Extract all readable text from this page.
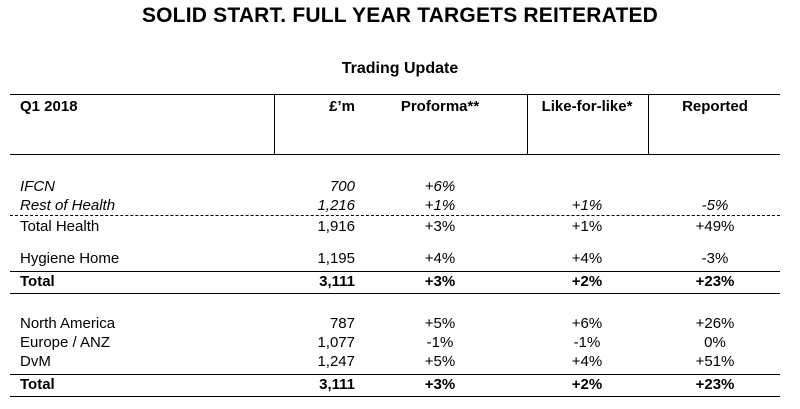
SOLID START. FULL YEAR TARGETS REITERATED
Trading Update
Q1 2018	£’m	Proforma**	Like-for-like*	Reported
IFCN	700	+6%
Rest of Health	1,216	+1%	+1%	-5%
Total Health	1,916	+3%	+1%	+49%
Hygiene Home	1,195	+4%	+4%	-3%
Total	3,111	+3%	+2%	+23%
North America	787	+5%	+6%	+26%
Europe / ANZ	1,077	-1%	-1%	0%
DvM	1,247	+5%	+4%	+51%
Total	3,111	+3%	+2%	+23%
